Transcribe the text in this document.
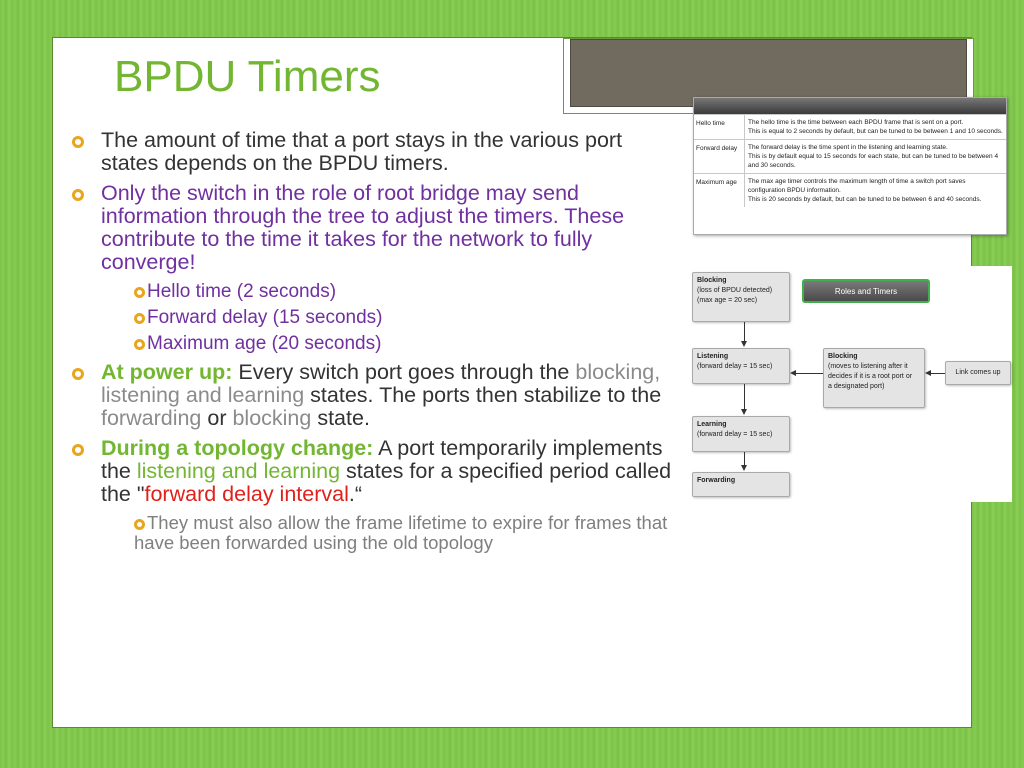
BPDU Timers

The amount of time that a port stays in the various port states depends on the BPDU timers.

Only the switch in the role of root bridge may send information through the tree to adjust the timers. These contribute to the time it takes for the network to fully converge!

Hello time (2 seconds)

Forward delay (15 seconds)

Maximum age (20 seconds)

At power up: Every switch port goes through the blocking, listening and learning states. The ports then stabilize to the forwarding or blocking state.

During a topology change: A port temporarily implements the listening and learning states for a specified period called the "forward delay interval.“

They must also allow the frame lifetime to expire for frames that have been forwarded using the old topology

Hello time	The hello time is the time between each BPDU frame that is sent on a port.
This is equal to 2 seconds by default, but can be tuned to be between 1 and 10 seconds.
Forward delay	The forward delay is the time spent in the listening and learning state.
This is by default equal to 15 seconds for each state, but can be tuned to be between 4 and 30 seconds.
Maximum age	The max age timer controls the maximum length of time a switch port saves configuration BPDU information.
This is 20 seconds by default, but can be tuned to be between 6 and 40 seconds.
Blocking
(loss of BPDU detected)
(max age = 20 sec)
Roles and Timers
Listening
(forward delay = 15 sec)
Blocking
(moves to listening after it
decides if it is a root port or
a designated port)
Link comes up
Learning
(forward delay = 15 sec)
Forwarding
